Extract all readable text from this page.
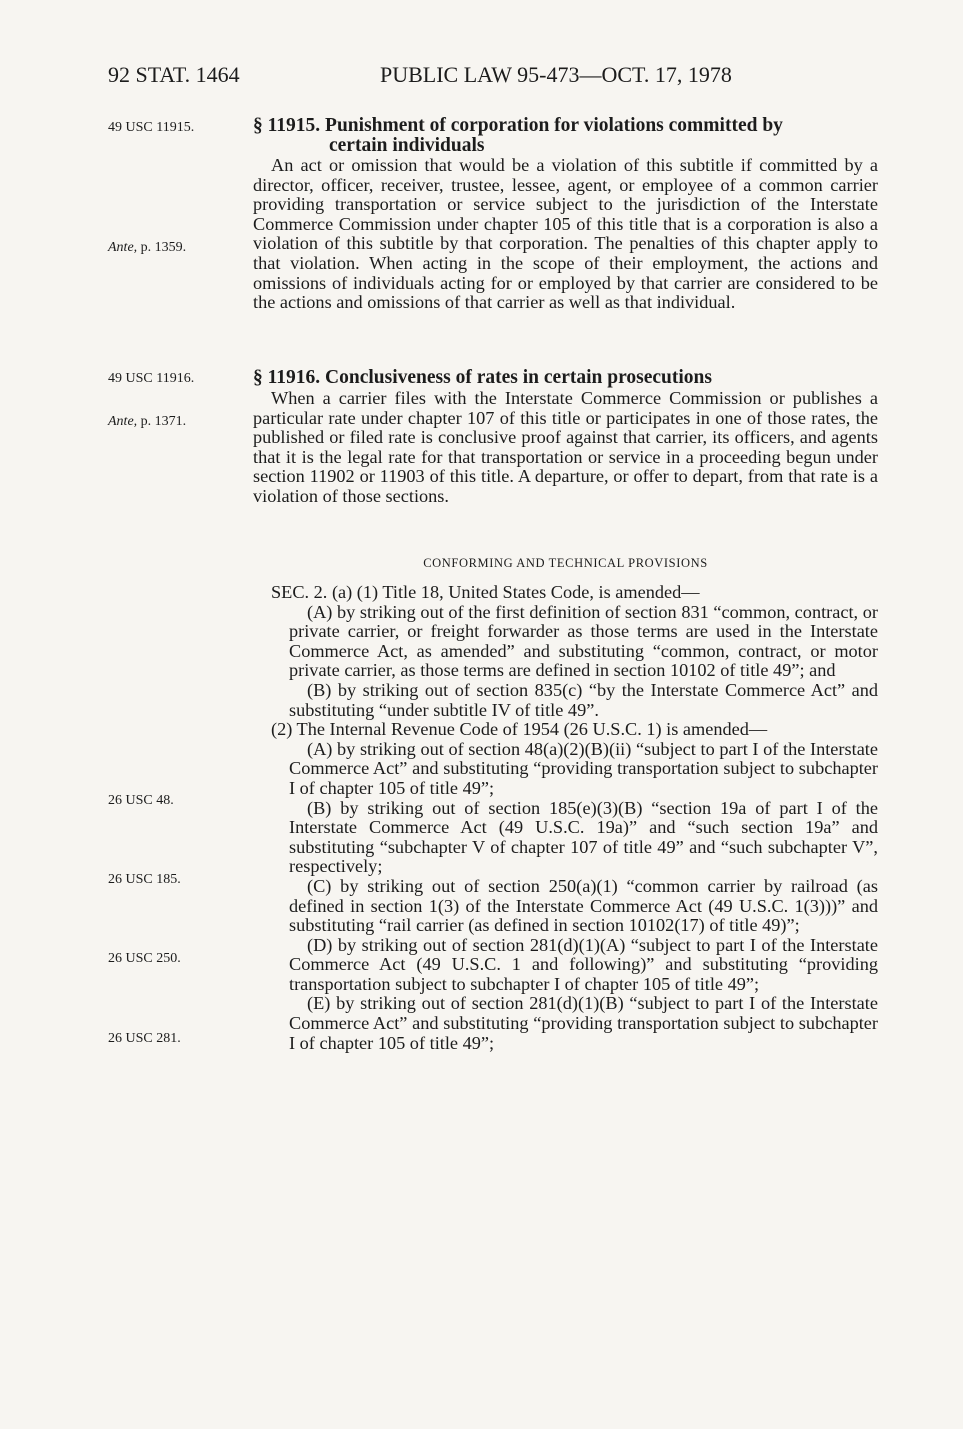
92 STAT. 1464	PUBLIC LAW 95-473—OCT. 17, 1978
49 USC 11915.
Ante, p. 1359.
49 USC 11916.
Ante, p. 1371.
26 USC 48.
26 USC 185.
26 USC 250.
26 USC 281.
§ 11915. Punishment of corporation for violations committed by
certain individuals

An act or omission that would be a violation of this subtitle if committed by a director, officer, receiver, trustee, lessee, agent, or employee of a common carrier providing transportation or service subject to the jurisdiction of the Interstate Commerce Commission under chapter 105 of this title that is a corporation is also a violation of this subtitle by that corporation. The penalties of this chapter apply to that violation. When acting in the scope of their employment, the actions and omissions of individuals acting for or employed by that carrier are considered to be the actions and omissions of that carrier as well as that individual.

§ 11916. Conclusiveness of rates in certain prosecutions

When a carrier files with the Interstate Commerce Commission or publishes a particular rate under chapter 107 of this title or participates in one of those rates, the published or filed rate is conclusive proof against that carrier, its officers, and agents that it is the legal rate for that transportation or service in a proceeding begun under section 11902 or 11903 of this title. A departure, or offer to depart, from that rate is a violation of those sections.

CONFORMING AND TECHNICAL PROVISIONS

SEC. 2. (a) (1) Title 18, United States Code, is amended—

(A) by striking out of the first definition of section 831 “common, contract, or private carrier, or freight forwarder as those terms are used in the Interstate Commerce Act, as amended” and substituting “common, contract, or motor private carrier, as those terms are defined in section 10102 of title 49”; and

(B) by striking out of section 835(c) “by the Interstate Commerce Act” and substituting “under subtitle IV of title 49”.

(2) The Internal Revenue Code of 1954 (26 U.S.C. 1) is amended—

(A) by striking out of section 48(a)(2)(B)(ii) “subject to part I of the Interstate Commerce Act” and substituting “providing transportation subject to subchapter I of chapter 105 of title 49”;

(B) by striking out of section 185(e)(3)(B) “section 19a of part I of the Interstate Commerce Act (49 U.S.C. 19a)” and “such section 19a” and substituting “subchapter V of chapter 107 of title 49” and “such subchapter V”, respectively;

(C) by striking out of section 250(a)(1) “common carrier by railroad (as defined in section 1(3) of the Interstate Commerce Act (49 U.S.C. 1(3)))” and substituting “rail carrier (as defined in section 10102(17) of title 49)”;

(D) by striking out of section 281(d)(1)(A) “subject to part I of the Interstate Commerce Act (49 U.S.C. 1 and following)” and substituting “providing transportation subject to subchapter I of chapter 105 of title 49”;

(E) by striking out of section 281(d)(1)(B) “subject to part I of the Interstate Commerce Act” and substituting “providing transportation subject to subchapter I of chapter 105 of title 49”;
